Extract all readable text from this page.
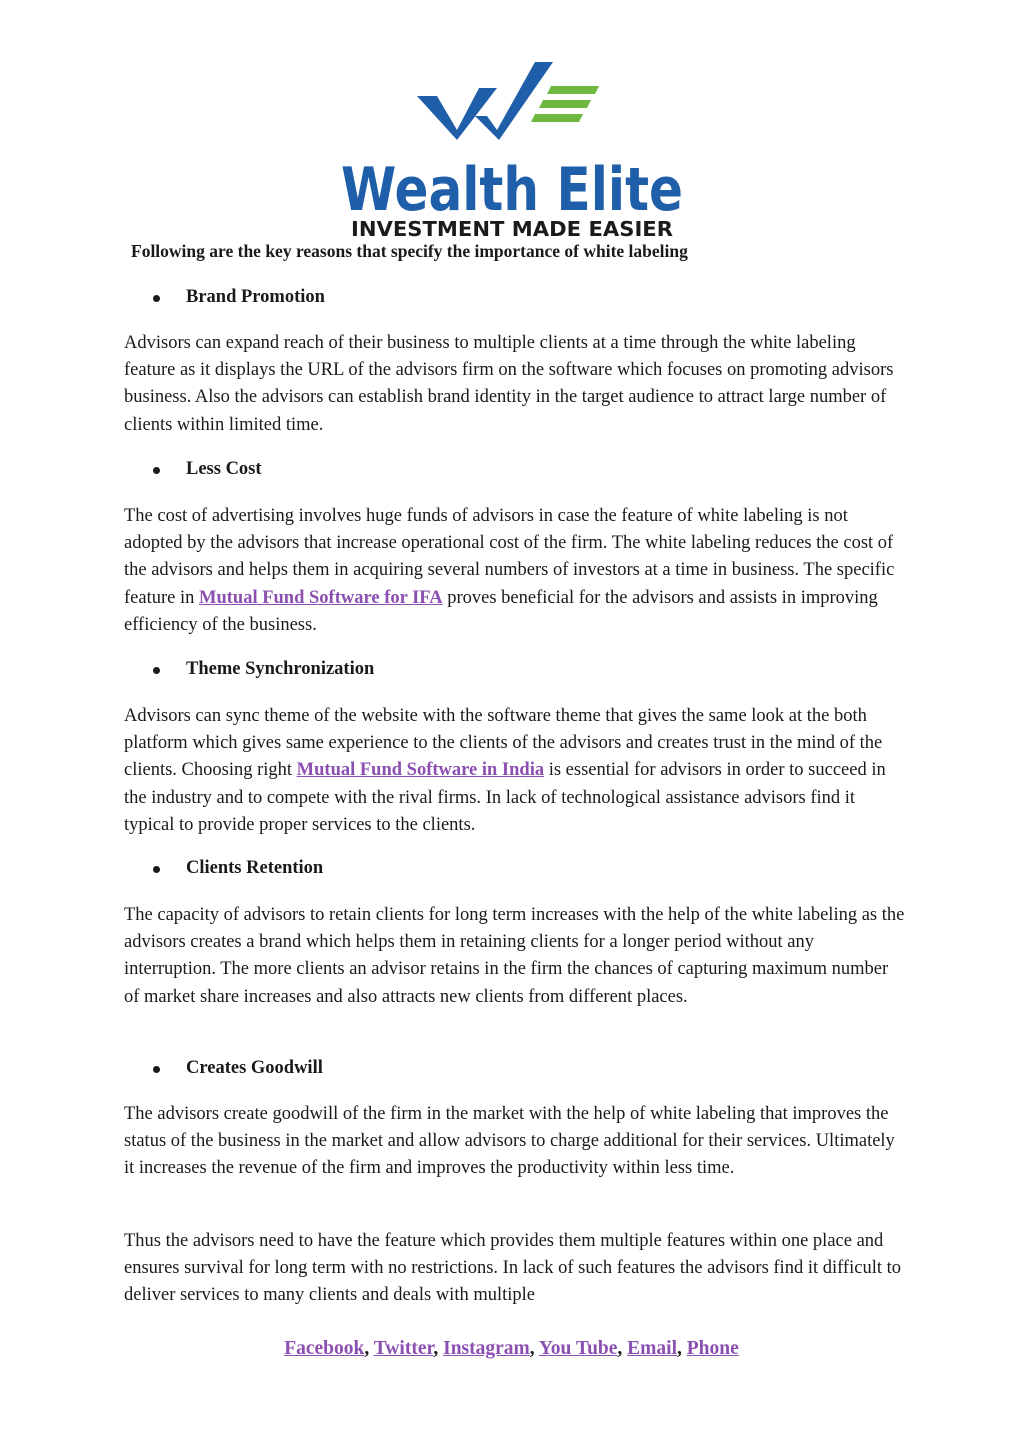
Wealth Elite
INVESTMENT MADE EASIER

Following are the key reasons that specify the importance of white labeling

Brand Promotion

Advisors can expand reach of their business to multiple clients at a time through the white labeling feature as it displays the URL of the advisors firm on the software which focuses on promoting advisors business. Also the advisors can establish brand identity in the target audience to attract large number of clients within limited time.

Less Cost

The cost of advertising involves huge funds of advisors in case the feature of white labeling is not adopted by the advisors that increase operational cost of the firm. The white labeling reduces the cost of the advisors and helps them in acquiring several numbers of investors at a time in business. The specific feature in Mutual Fund Software for IFA proves beneficial for the advisors and assists in improving efficiency of the business.

Theme Synchronization

Advisors can sync theme of the website with the software theme that gives the same look at the both platform which gives same experience to the clients of the advisors and creates trust in the mind of the clients. Choosing right Mutual Fund Software in India is essential for advisors in order to succeed in the industry and to compete with the rival firms. In lack of technological assistance advisors find it typical to provide proper services to the clients.

Clients Retention

The capacity of advisors to retain clients for long term increases with the help of the white labeling as the advisors creates a brand which helps them in retaining clients for a longer period without any interruption. The more clients an advisor retains in the firm the chances of capturing maximum number of market share increases and also attracts new clients from different places.

Creates Goodwill

The advisors create goodwill of the firm in the market with the help of white labeling that improves the status of the business in the market and allow advisors to charge additional for their services. Ultimately it increases the revenue of the firm and improves the productivity within less time.

Thus the advisors need to have the feature which provides them multiple features within one place and ensures survival for long term with no restrictions. In lack of such features the advisors find it difficult to deliver services to many clients and deals with multiple

Facebook, Twitter, Instagram, You Tube, Email, Phone
